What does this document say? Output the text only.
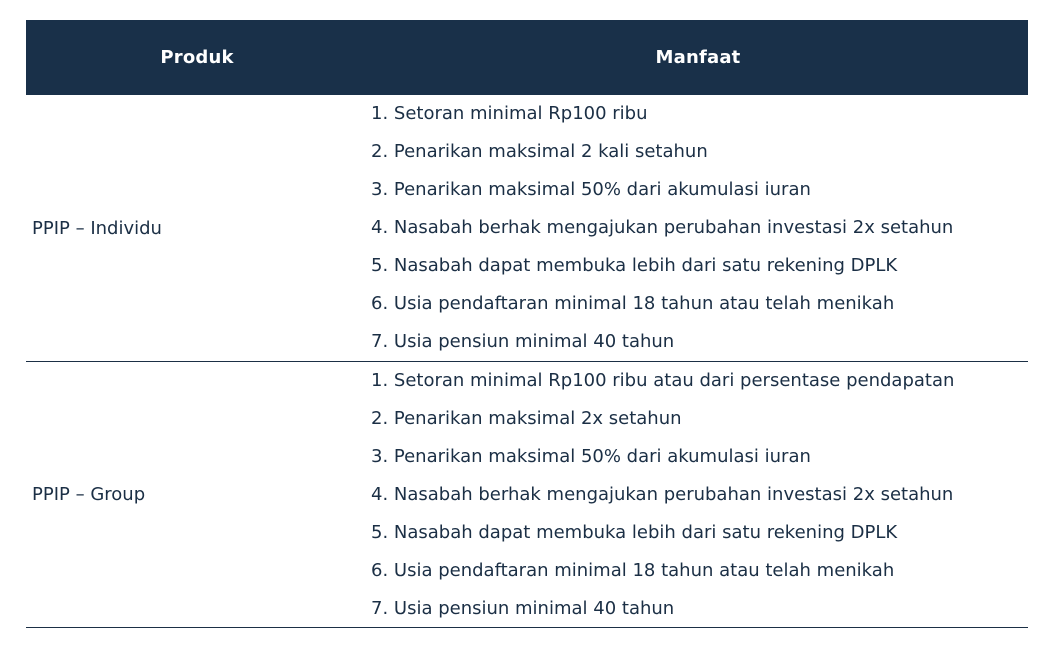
Produk	Manfaat
PPIP – Individu
1. Setoran minimal Rp100 ribu
2. Penarikan maksimal 2 kali setahun
3. Penarikan maksimal 50% dari akumulasi iuran
4. Nasabah berhak mengajukan perubahan investasi 2x setahun
5. Nasabah dapat membuka lebih dari satu rekening DPLK
6. Usia pendaftaran minimal 18 tahun atau telah menikah
7. Usia pensiun minimal 40 tahun
PPIP – Group
1. Setoran minimal Rp100 ribu atau dari persentase pendapatan
2. Penarikan maksimal 2x setahun
3. Penarikan maksimal 50% dari akumulasi iuran
4. Nasabah berhak mengajukan perubahan investasi 2x setahun
5. Nasabah dapat membuka lebih dari satu rekening DPLK
6. Usia pendaftaran minimal 18 tahun atau telah menikah
7. Usia pensiun minimal 40 tahun
